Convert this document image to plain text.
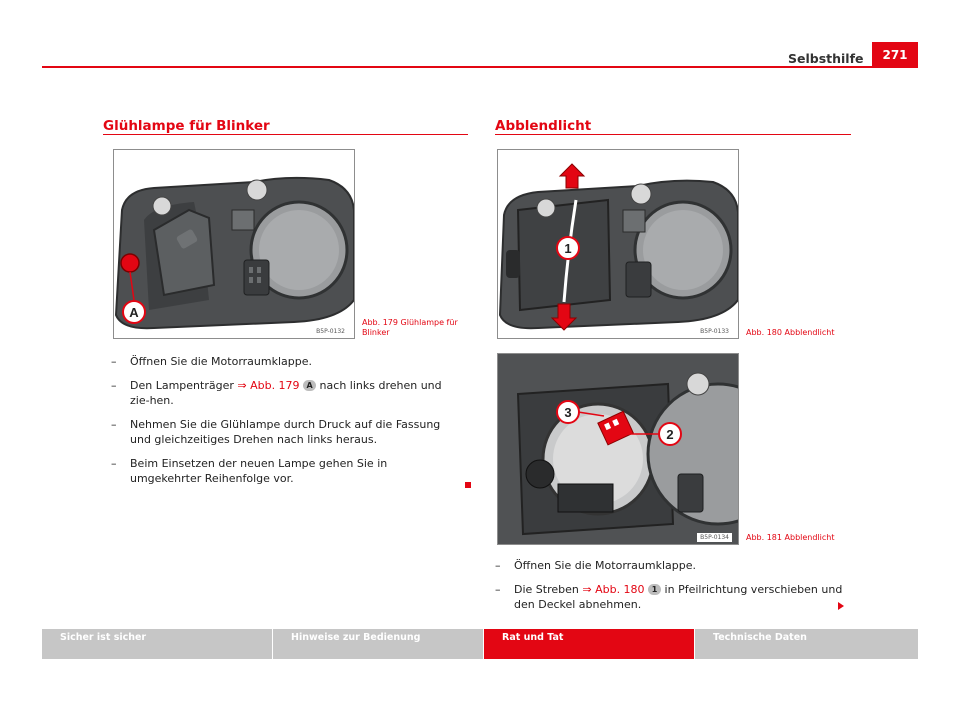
Selbsthilfe	271
Glühlampe für Blinker
A
B5P-0132
Abb. 179 Glühlampe für
Blinker
– Öffnen Sie die Motorraumklappe.
– Den Lampenträger ⇒ Abb. 179 A nach links drehen und zie-hen.
– Nehmen Sie die Glühlampe durch Druck auf die Fassung und gleichzeitiges Drehen nach links heraus.
– Beim Einsetzen der neuen Lampe gehen Sie in umgekehrter Reihenfolge vor.
Abblendlicht
1
B5P-0133	Abb. 180 Abblendlicht
3
2
B5P-0134	Abb. 181 Abblendlicht
– Öffnen Sie die Motorraumklappe.
– Die Streben ⇒ Abb. 180 1 in Pfeilrichtung verschieben und den Deckel abnehmen.
Sicher ist sicher	Hinweise zur Bedienung	Rat und Tat	Technische Daten
